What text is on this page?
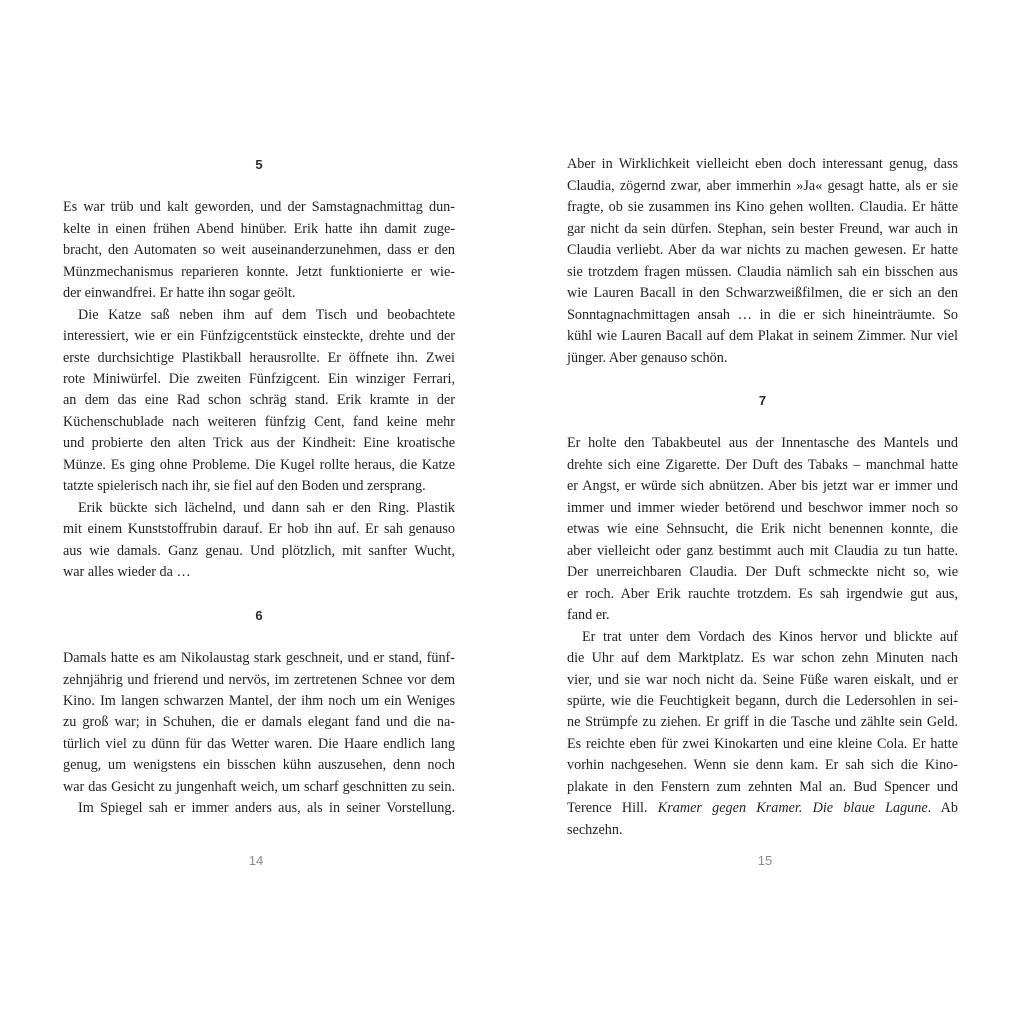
5
Es war trüb und kalt geworden, und der Samstagnachmittag dun-
kelte in einen frühen Abend hinüber. Erik hatte ihn damit zuge-
bracht, den Automaten so weit auseinanderzunehmen, dass er den
Münzmechanismus reparieren konnte. Jetzt funktionierte er wie-
der einwandfrei. Er hatte ihn sogar geölt.
Die Katze saß neben ihm auf dem Tisch und beobachtete
interessiert, wie er ein Fünfzigcentstück einsteckte, drehte und der
erste durchsichtige Plastikball herausrollte. Er öffnete ihn. Zwei
rote Miniwürfel. Die zweiten Fünfzigcent. Ein winziger Ferrari,
an dem das eine Rad schon schräg stand. Erik kramte in der
Küchenschublade nach weiteren fünfzig Cent, fand keine mehr
und probierte den alten Trick aus der Kindheit: Eine kroatische
Münze. Es ging ohne Probleme. Die Kugel rollte heraus, die Katze
tatzte spielerisch nach ihr, sie fiel auf den Boden und zersprang.
Erik bückte sich lächelnd, und dann sah er den Ring. Plastik
mit einem Kunststoffrubin darauf. Er hob ihn auf. Er sah genauso
aus wie damals. Ganz genau. Und plötzlich, mit sanfter Wucht,
war alles wieder da …
6
Damals hatte es am Nikolaustag stark geschneit, und er stand, fünf-
zehnjährig und frierend und nervös, im zertretenen Schnee vor dem
Kino. Im langen schwarzen Mantel, der ihm noch um ein Weniges
zu groß war; in Schuhen, die er damals elegant fand und die na-
türlich viel zu dünn für das Wetter waren. Die Haare endlich lang
genug, um wenigstens ein bisschen kühn auszusehen, denn noch
war das Gesicht zu jungenhaft weich, um scharf geschnitten zu sein.
Im Spiegel sah er immer anders aus, als in seiner Vorstellung.
14
Aber in Wirklichkeit vielleicht eben doch interessant genug, dass
Claudia, zögernd zwar, aber immerhin »Ja« gesagt hatte, als er sie
fragte, ob sie zusammen ins Kino gehen wollten. Claudia. Er hätte
gar nicht da sein dürfen. Stephan, sein bester Freund, war auch in
Claudia verliebt. Aber da war nichts zu machen gewesen. Er hatte
sie trotzdem fragen müssen. Claudia nämlich sah ein bisschen aus
wie Lauren Bacall in den Schwarzweißfilmen, die er sich an den
Sonntagnachmittagen ansah … in die er sich hineinträumte. So
kühl wie Lauren Bacall auf dem Plakat in seinem Zimmer. Nur viel
jünger. Aber genauso schön.
7
Er holte den Tabakbeutel aus der Innentasche des Mantels und
drehte sich eine Zigarette. Der Duft des Tabaks – manchmal hatte
er Angst, er würde sich abnützen. Aber bis jetzt war er immer und
immer und immer wieder betörend und beschwor immer noch so
etwas wie eine Sehnsucht, die Erik nicht benennen konnte, die
aber vielleicht oder ganz bestimmt auch mit Claudia zu tun hatte.
Der unerreichbaren Claudia. Der Duft schmeckte nicht so, wie
er roch. Aber Erik rauchte trotzdem. Es sah irgendwie gut aus,
fand er.
Er trat unter dem Vordach des Kinos hervor und blickte auf
die Uhr auf dem Marktplatz. Es war schon zehn Minuten nach
vier, und sie war noch nicht da. Seine Füße waren eiskalt, und er
spürte, wie die Feuchtigkeit begann, durch die Ledersohlen in sei-
ne Strümpfe zu ziehen. Er griff in die Tasche und zählte sein Geld.
Es reichte eben für zwei Kinokarten und eine kleine Cola. Er hatte
vorhin nachgesehen. Wenn sie denn kam. Er sah sich die Kino-
plakate in den Fenstern zum zehnten Mal an. Bud Spencer und
Terence Hill. Kramer gegen Kramer. Die blaue Lagune. Ab sechzehn.
15
